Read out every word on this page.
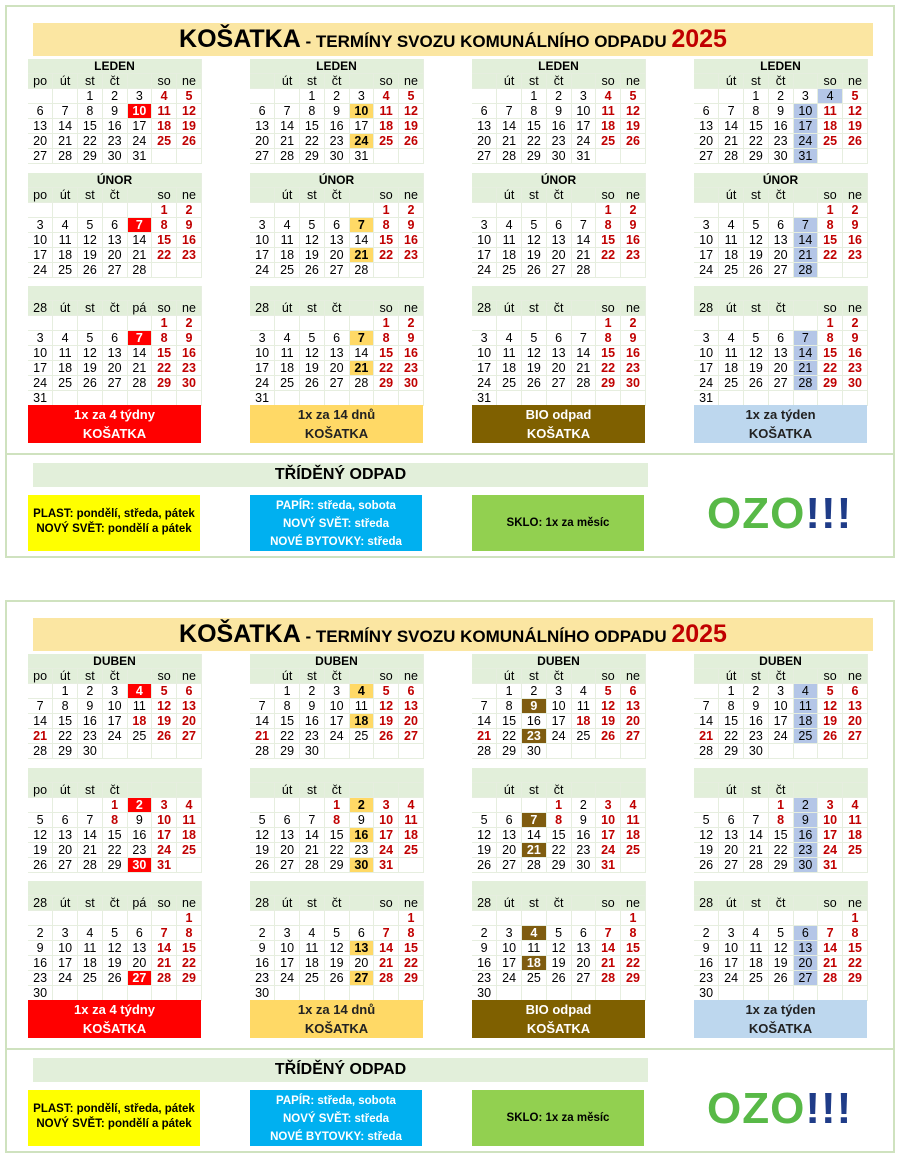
KOŠATKA - TERMÍNY SVOZU KOMUNÁLNÍHO ODPADU 2025
LEDEN						
po	út	st	čt		so	ne
		1	2	3	4	5
6	7	8	9	10	11	12
13	14	15	16	17	18	19
20	21	22	23	24	25	26
27	28	29	30	31		
ÚNOR						
po	út	st	čt		so	ne
					1	2
3	4	5	6	7	8	9
10	11	12	13	14	15	16
17	18	19	20	21	22	23
24	25	26	27	28		

28	út	st	čt	pá	so	ne
					1	2
3	4	5	6	7	8	9
10	11	12	13	14	15	16
17	18	19	20	21	22	23
24	25	26	27	28	29	30
31						
LEDEN						
	út	st	čt		so	ne
		1	2	3	4	5
6	7	8	9	10	11	12
13	14	15	16	17	18	19
20	21	22	23	24	25	26
27	28	29	30	31		
ÚNOR						
	út	st	čt		so	ne
					1	2
3	4	5	6	7	8	9
10	11	12	13	14	15	16
17	18	19	20	21	22	23
24	25	26	27	28		

28	út	st	čt		so	ne
					1	2
3	4	5	6	7	8	9
10	11	12	13	14	15	16
17	18	19	20	21	22	23
24	25	26	27	28	29	30
31						
LEDEN						
	út	st	čt		so	ne
		1	2	3	4	5
6	7	8	9	10	11	12
13	14	15	16	17	18	19
20	21	22	23	24	25	26
27	28	29	30	31		
ÚNOR						
	út	st	čt		so	ne
					1	2
3	4	5	6	7	8	9
10	11	12	13	14	15	16
17	18	19	20	21	22	23
24	25	26	27	28		

28	út	st	čt		so	ne
					1	2
3	4	5	6	7	8	9
10	11	12	13	14	15	16
17	18	19	20	21	22	23
24	25	26	27	28	29	30
31						
LEDEN						
	út	st	čt		so	ne
		1	2	3	4	5
6	7	8	9	10	11	12
13	14	15	16	17	18	19
20	21	22	23	24	25	26
27	28	29	30	31		
ÚNOR						
	út	st	čt		so	ne
					1	2
3	4	5	6	7	8	9
10	11	12	13	14	15	16
17	18	19	20	21	22	23
24	25	26	27	28		

28	út	st	čt		so	ne
					1	2
3	4	5	6	7	8	9
10	11	12	13	14	15	16
17	18	19	20	21	22	23
24	25	26	27	28	29	30
31						
1x za 4 týdny
KOŠATKA
1x za 14 dnů
KOŠATKA
BIO odpad
KOŠATKA
1x za týden
KOŠATKA
TŘÍDĚNÝ ODPAD
PLAST: pondělí, středa, pátek
NOVÝ SVĚT: pondělí a pátek
PAPÍR: středa, sobota
NOVÝ SVĚT: středa
NOVÉ BYTOVKY: středa
SKLO: 1x za měsíc	OZO!!!
KOŠATKA - TERMÍNY SVOZU KOMUNÁLNÍHO ODPADU 2025
DUBEN						
po	út	st	čt		so	ne
	1	2	3	4	5	6
7	8	9	10	11	12	13
14	15	16	17	18	19	20
21	22	23	24	25	26	27
28	29	30				

po	út	st	čt			
			1	2	3	4
5	6	7	8	9	10	11
12	13	14	15	16	17	18
19	20	21	22	23	24	25
26	27	28	29	30	31	

28	út	st	čt	pá	so	ne
						1
2	3	4	5	6	7	8
9	10	11	12	13	14	15
16	17	18	19	20	21	22
23	24	25	26	27	28	29
30						
DUBEN						
	út	st	čt		so	ne
	1	2	3	4	5	6
7	8	9	10	11	12	13
14	15	16	17	18	19	20
21	22	23	24	25	26	27
28	29	30				

	út	st	čt			
			1	2	3	4
5	6	7	8	9	10	11
12	13	14	15	16	17	18
19	20	21	22	23	24	25
26	27	28	29	30	31	

28	út	st	čt		so	ne
						1
2	3	4	5	6	7	8
9	10	11	12	13	14	15
16	17	18	19	20	21	22
23	24	25	26	27	28	29
30						
DUBEN						
	út	st	čt		so	ne
	1	2	3	4	5	6
7	8	9	10	11	12	13
14	15	16	17	18	19	20
21	22	23	24	25	26	27
28	29	30				

	út	st	čt			
			1	2	3	4
5	6	7	8	9	10	11
12	13	14	15	16	17	18
19	20	21	22	23	24	25
26	27	28	29	30	31	

28	út	st	čt		so	ne
						1
2	3	4	5	6	7	8
9	10	11	12	13	14	15
16	17	18	19	20	21	22
23	24	25	26	27	28	29
30						
DUBEN						
	út	st	čt		so	ne
	1	2	3	4	5	6
7	8	9	10	11	12	13
14	15	16	17	18	19	20
21	22	23	24	25	26	27
28	29	30				

	út	st	čt			
			1	2	3	4
5	6	7	8	9	10	11
12	13	14	15	16	17	18
19	20	21	22	23	24	25
26	27	28	29	30	31	

28	út	st	čt		so	ne
						1
2	3	4	5	6	7	8
9	10	11	12	13	14	15
16	17	18	19	20	21	22
23	24	25	26	27	28	29
30						
1x za 4 týdny
KOŠATKA
1x za 14 dnů
KOŠATKA
BIO odpad
KOŠATKA
1x za týden
KOŠATKA
TŘÍDĚNÝ ODPAD
PLAST: pondělí, středa, pátek
NOVÝ SVĚT: pondělí a pátek
PAPÍR: středa, sobota
NOVÝ SVĚT: středa
NOVÉ BYTOVKY: středa
SKLO: 1x za měsíc	OZO!!!
